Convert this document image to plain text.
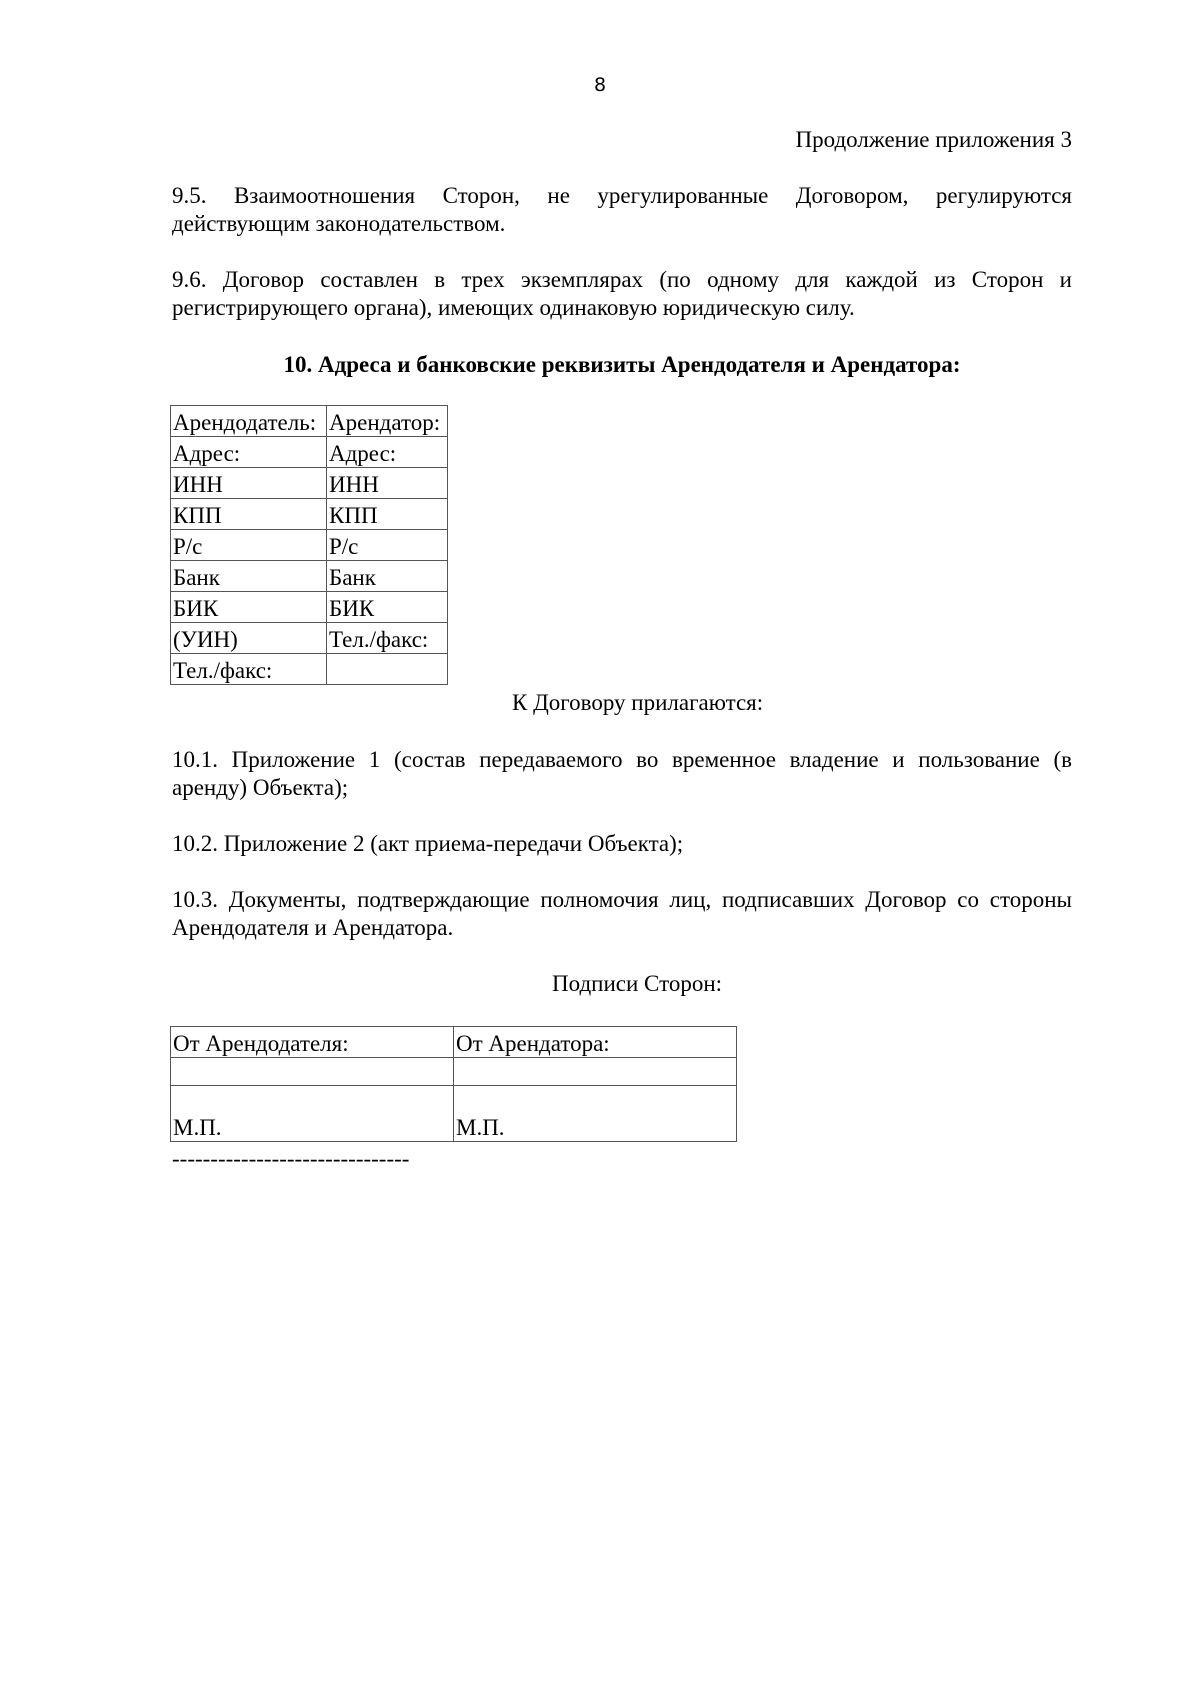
8
Продолжение приложения 3
9.5. Взаимоотношения Сторон, не урегулированные Договором, регулируются действующим законодательством.
9.6. Договор составлен в трех экземплярах (по одному для каждой из Сторон и регистрирующего органа), имеющих одинаковую юридическую силу.
10. Адреса и банковские реквизиты Арендодателя и Арендатора:
Арендодатель:	Арендатор:
Адрес:	Адрес:
ИНН	ИНН
КПП	КПП
Р/с	Р/с
Банк	Банк
БИК	БИК
(УИН)	Тел./факс:
Тел./факс:	
К Договору прилагаются:
10.1. Приложение 1 (состав передаваемого во временное владение и пользование (в аренду) Объекта);
10.2. Приложение 2 (акт приема-передачи Объекта);
10.3. Документы, подтверждающие полномочия лиц, подписавших Договор со стороны Арендодателя и Арендатора.
Подписи Сторон:
От Арендодателя:	От Арендатора:

М.П.	М.П.
-------------------------------
